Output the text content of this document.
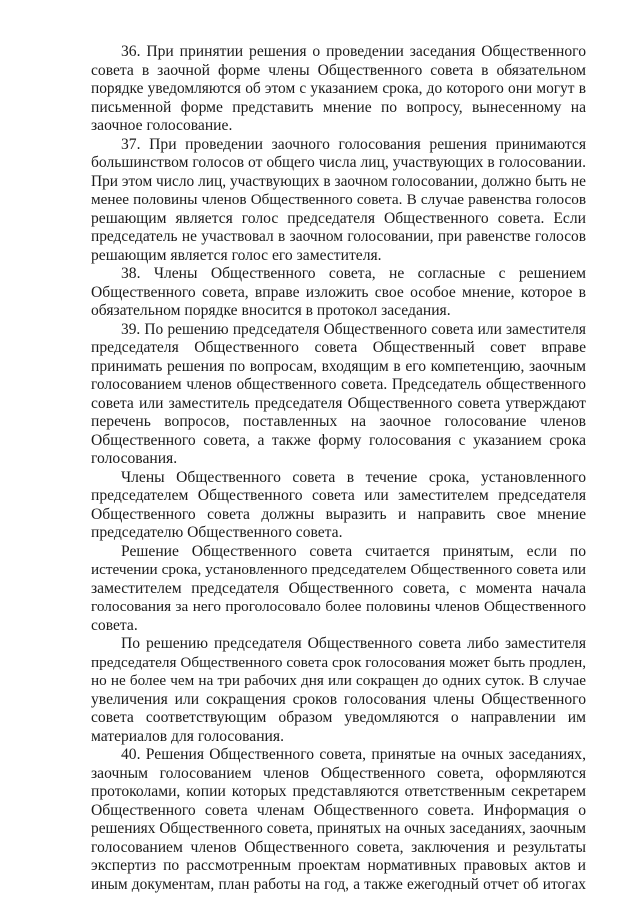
36. При принятии решения о проведении заседания Общественного
совета в заочной форме члены Общественного совета в обязательном
порядке уведомляются об этом с указанием срока, до которого они могут в
письменной форме представить мнение по вопросу, вынесенному на
заочное голосование.

37. При проведении заочного голосования решения принимаются
большинством голосов от общего числа лиц, участвующих в голосовании.
При этом число лиц, участвующих в заочном голосовании, должно быть не
менее половины членов Общественного совета. В случае равенства голосов
решающим является голос председателя Общественного совета. Если
председатель не участвовал в заочном голосовании, при равенстве голосов
решающим является голос его заместителя.

38. Члены Общественного совета, не согласные с решением
Общественного совета, вправе изложить свое особое мнение, которое в
обязательном порядке вносится в протокол заседания.

39. По решению председателя Общественного совета или заместителя
председателя Общественного совета Общественный совет вправе
принимать решения по вопросам, входящим в его компетенцию, заочным
голосованием членов общественного совета. Председатель общественного
совета или заместитель председателя Общественного совета утверждают
перечень вопросов, поставленных на заочное голосование членов
Общественного совета, а также форму голосования с указанием срока
голосования.

Члены Общественного совета в течение срока, установленного
председателем Общественного совета или заместителем председателя
Общественного совета должны выразить и направить свое мнение
председателю Общественного совета.

Решение Общественного совета считается принятым, если по
истечении срока, установленного председателем Общественного совета или
заместителем председателя Общественного совета, с момента начала
голосования за него проголосовало более половины членов Общественного
совета.

По решению председателя Общественного совета либо заместителя
председателя Общественного совета срок голосования может быть продлен,
но не более чем на три рабочих дня или сокращен до одних суток. В случае
увеличения или сокращения сроков голосования члены Общественного
совета соответствующим образом уведомляются о направлении им
материалов для голосования.

40. Решения Общественного совета, принятые на очных заседаниях,
заочным голосованием членов Общественного совета, оформляются
протоколами, копии которых представляются ответственным секретарем
Общественного совета членам Общественного совета. Информация о
решениях Общественного совета, принятых на очных заседаниях, заочным
голосованием членов Общественного совета, заключения и результаты
экспертиз по рассмотренным проектам нормативных правовых актов и
иным документам, план работы на год, а также ежегодный отчет об итогах
